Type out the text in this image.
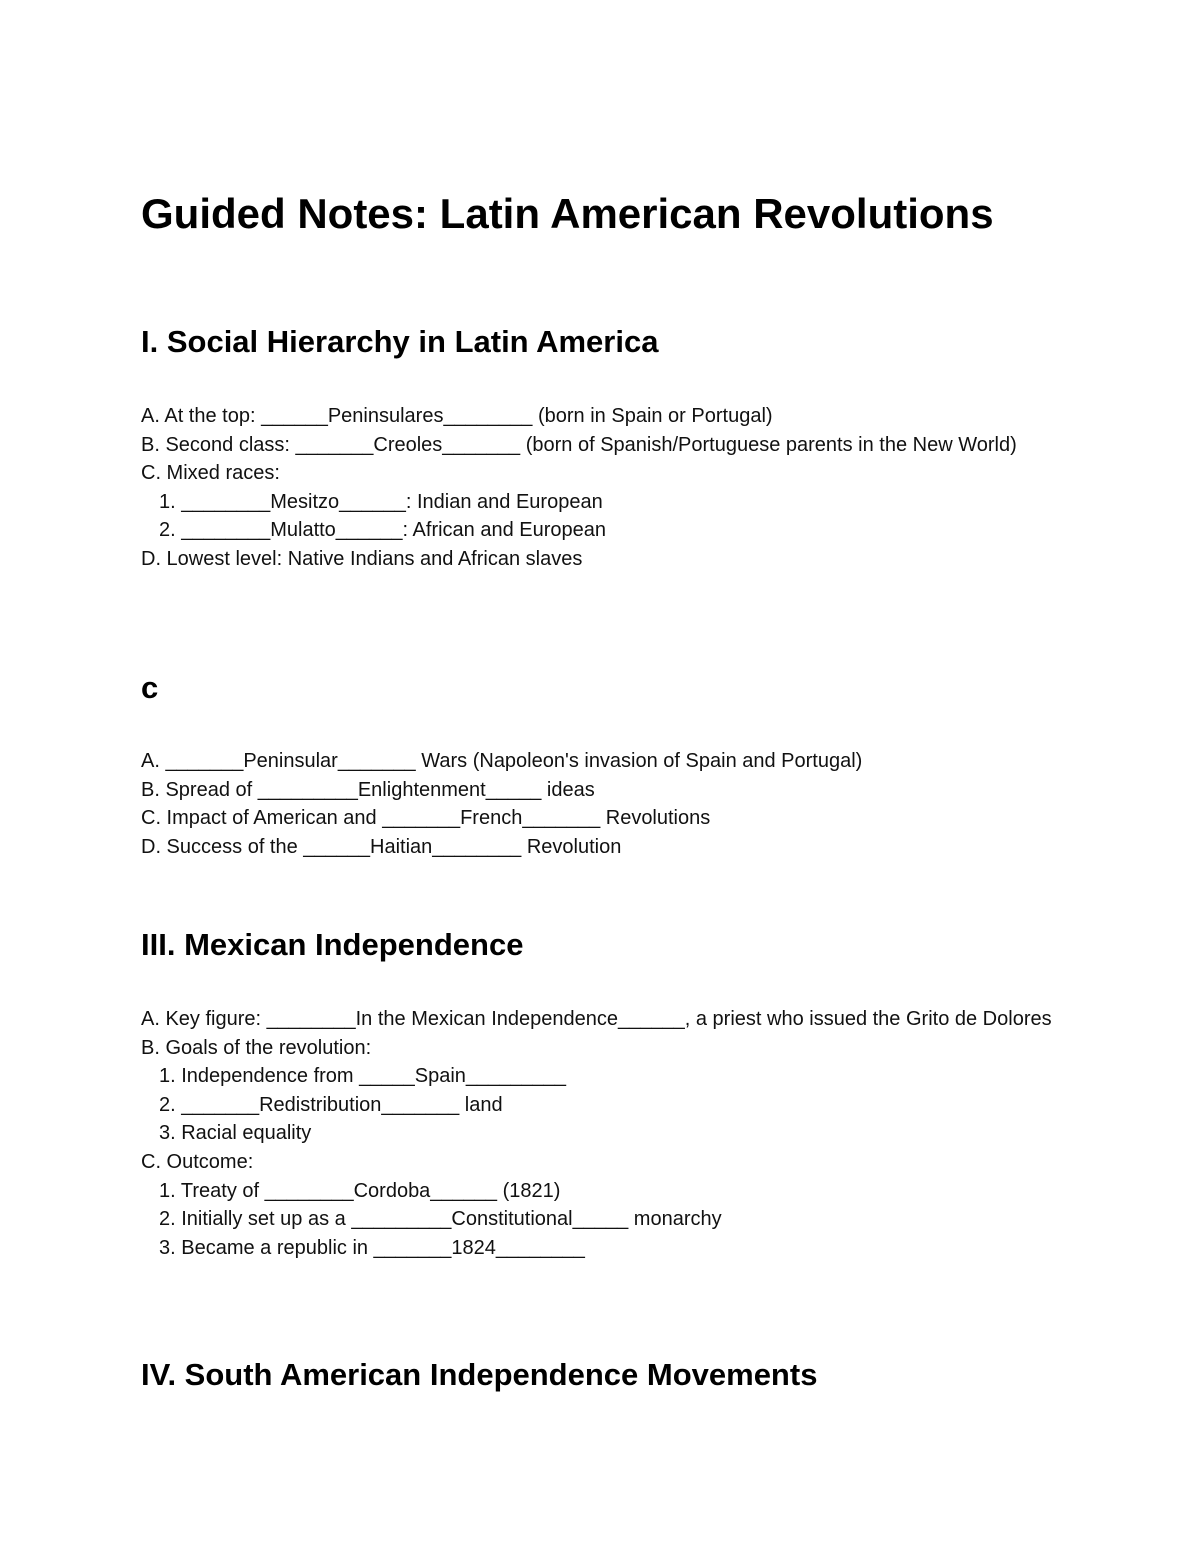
Guided Notes: Latin American Revolutions
I. Social Hierarchy in Latin America

A. At the top: ______Peninsulares________ (born in Spain or Portugal)

B. Second class: _______Creoles_______ (born of Spanish/Portuguese parents in the New World)

C. Mixed races:

1. ________Mesitzo______: Indian and European

2. ________Mulatto______: African and European

D. Lowest level: Native Indians and African slaves

c

A. _______Peninsular_______ Wars (Napoleon's invasion of Spain and Portugal)

B. Spread of _________Enlightenment_____ ideas

C. Impact of American and _______French_______ Revolutions

D. Success of the ______Haitian________ Revolution

III. Mexican Independence

A. Key figure: ________In the Mexican Independence______, a priest who issued the Grito de Dolores

B. Goals of the revolution:

1. Independence from _____Spain_________

2. _______Redistribution_______ land

3. Racial equality

C. Outcome:

1. Treaty of ________Cordoba______ (1821)

2. Initially set up as a _________Constitutional_____ monarchy

3. Became a republic in _______1824________

IV. South American Independence Movements
